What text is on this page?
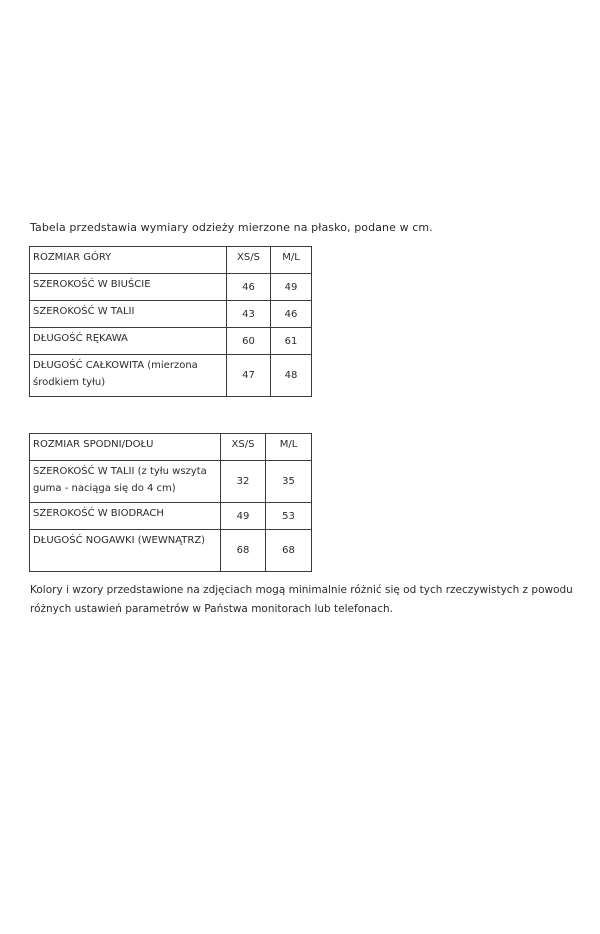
Tabela przedstawia wymiary odzieży mierzone na płasko, podane w cm.
ROZMIAR GÓRY	XS/S	M/L
SZEROKOŚĆ W BIUŚCIE	46	49
SZEROKOŚĆ W TALII	43	46
DŁUGOŚĆ RĘKAWA	60	61
DŁUGOŚĆ CAŁKOWITA (mierzona środkiem tyłu)	47	48
ROZMIAR SPODNI/DOŁU	XS/S	M/L
SZEROKOŚĆ W TALII (z tyłu wszyta guma - naciąga się do 4 cm)	32	35
SZEROKOŚĆ W BIODRACH	49	53
DŁUGOŚĆ NOGAWKI (WEWNĄTRZ)	68	68
Kolory i wzory przedstawione na zdjęciach mogą minimalnie różnić się od tych rzeczywistych z powodu różnych ustawień parametrów w Państwa monitorach lub telefonach.
